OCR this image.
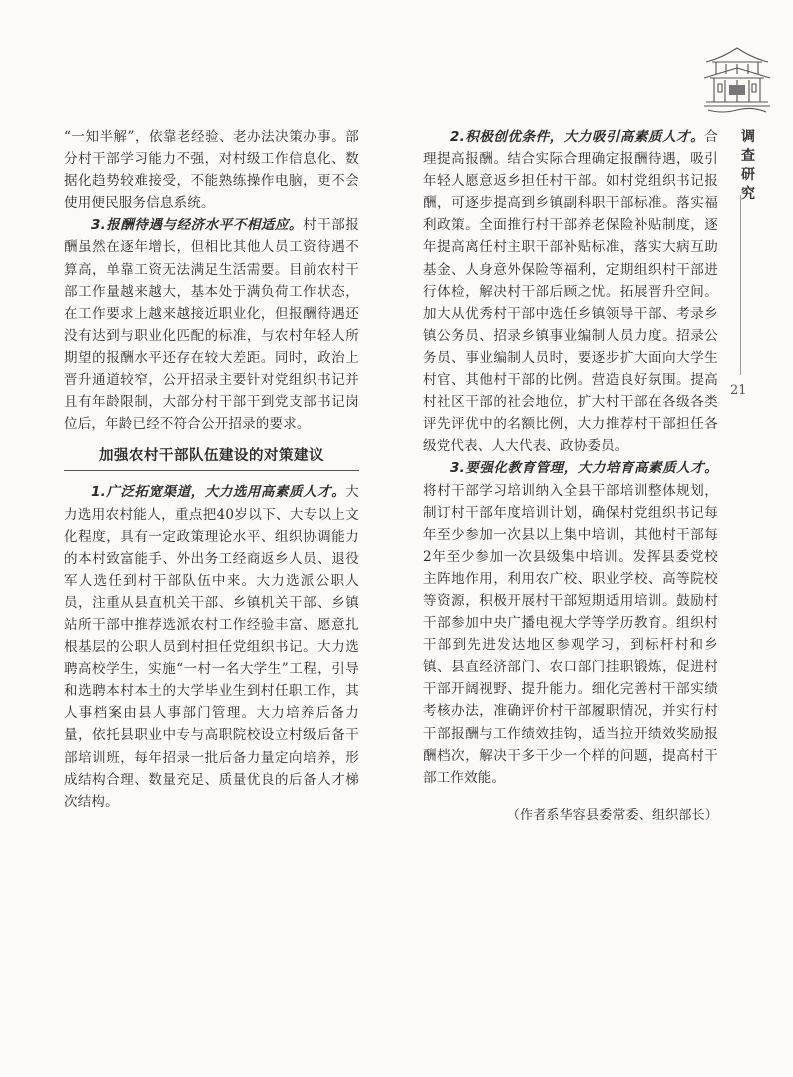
调查研究
21

“一知半解”，依靠老经验、老办法决策办事。部分村干部学习能力不强，对村级工作信息化、数据化趋势较难接受，不能熟练操作电脑，更不会使用便民服务信息系统。

3.报酬待遇与经济水平不相适应。村干部报酬虽然在逐年增长，但相比其他人员工资待遇不算高，单靠工资无法满足生活需要。目前农村干部工作量越来越大，基本处于满负荷工作状态，在工作要求上越来越接近职业化，但报酬待遇还没有达到与职业化匹配的标准，与农村年轻人所期望的报酬水平还存在较大差距。同时，政治上晋升通道较窄，公开招录主要针对党组织书记并且有年龄限制，大部分村干部干到党支部书记岗位后，年龄已经不符合公开招录的要求。

加强农村干部队伍建设的对策建议

1.广泛拓宽渠道，大力选用高素质人才。大力选用农村能人，重点把40岁以下、大专以上文化程度，具有一定政策理论水平、组织协调能力的本村致富能手、外出务工经商返乡人员、退役军人选任到村干部队伍中来。大力选派公职人员，注重从县直机关干部、乡镇机关干部、乡镇站所干部中推荐选派农村工作经验丰富、愿意扎根基层的公职人员到村担任党组织书记。大力选聘高校学生，实施“一村一名大学生”工程，引导和选聘本村本土的大学毕业生到村任职工作，其人事档案由县人事部门管理。大力培养后备力量，依托县职业中专与高职院校设立村级后备干部培训班，每年招录一批后备力量定向培养，形成结构合理、数量充足、质量优良的后备人才梯次结构。

2.积极创优条件，大力吸引高素质人才。合理提高报酬。结合实际合理确定报酬待遇，吸引年轻人愿意返乡担任村干部。如村党组织书记报酬，可逐步提高到乡镇副科职干部标准。落实福利政策。全面推行村干部养老保险补贴制度，逐年提高离任村主职干部补贴标准，落实大病互助基金、人身意外保险等福利，定期组织村干部进行体检，解决村干部后顾之忧。拓展晋升空间。加大从优秀村干部中选任乡镇领导干部、考录乡镇公务员、招录乡镇事业编制人员力度。招录公务员、事业编制人员时，要逐步扩大面向大学生村官、其他村干部的比例。营造良好氛围。提高村社区干部的社会地位，扩大村干部在各级各类评先评优中的名额比例，大力推荐村干部担任各级党代表、人大代表、政协委员。

3.要强化教育管理，大力培育高素质人才。将村干部学习培训纳入全县干部培训整体规划，制订村干部年度培训计划，确保村党组织书记每年至少参加一次县以上集中培训，其他村干部每2年至少参加一次县级集中培训。发挥县委党校主阵地作用，利用农广校、职业学校、高等院校等资源，积极开展村干部短期适用培训。鼓励村干部参加中央广播电视大学等学历教育。组织村干部到先进发达地区参观学习，到标杆村和乡镇、县直经济部门、农口部门挂职锻炼，促进村干部开阔视野、提升能力。细化完善村干部实绩考核办法，准确评价村干部履职情况，并实行村干部报酬与工作绩效挂钩，适当拉开绩效奖励报酬档次，解决干多干少一个样的问题，提高村干部工作效能。

（作者系华容县委常委、组织部长）
